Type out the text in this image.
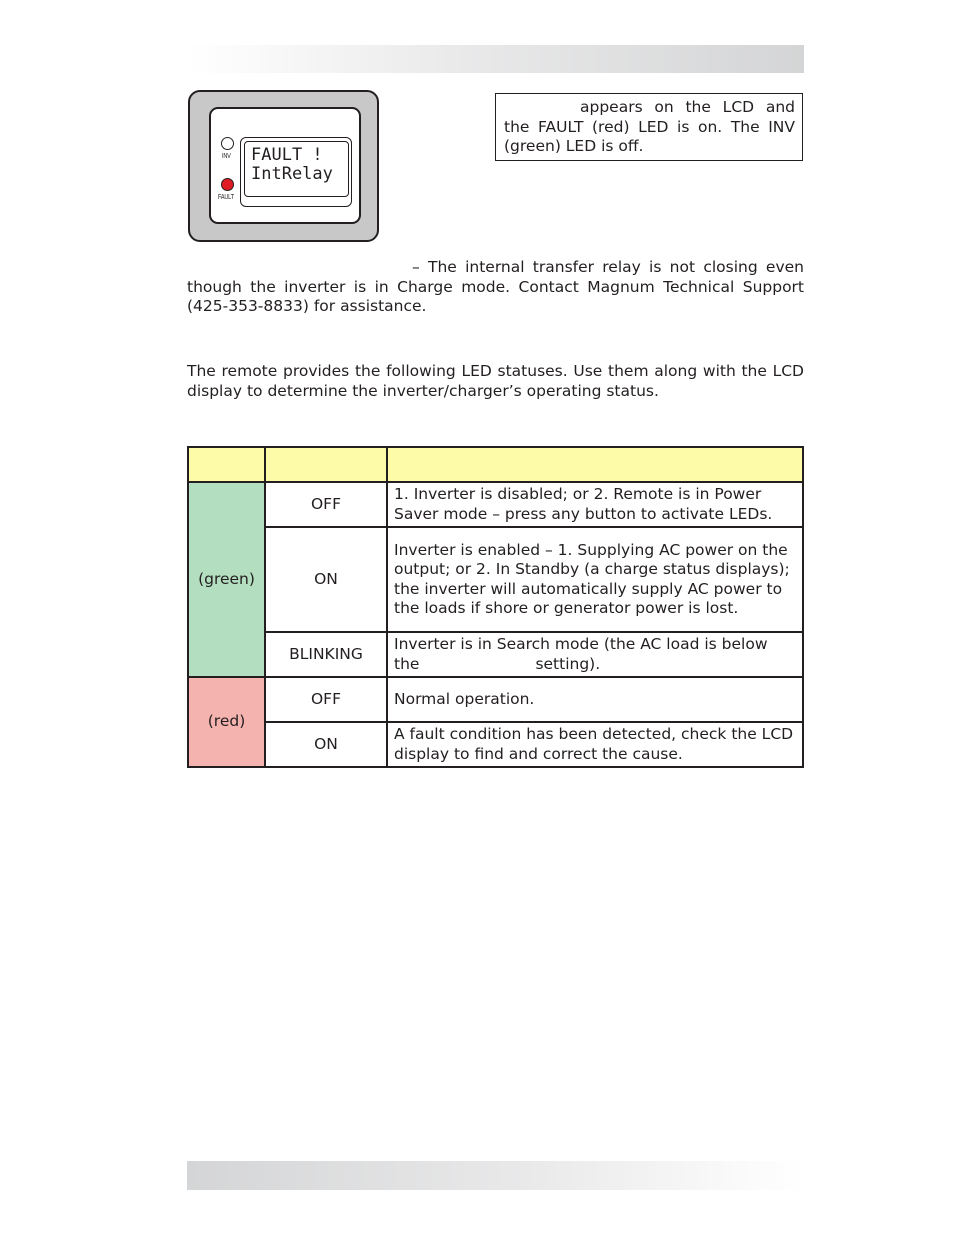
INV
FAULT
FAULT !
IntRelay
appears on the LCD and the FAULT (red) LED is on. The INV (green) LED is off.
– The internal transfer relay is not closing even though the inverter is in Charge mode. Contact Magnum Technical Support (425-353-8833) for assistance.
The remote provides the following LED statuses. Use them along with the LCD display to determine the inverter/charger’s operating status.

(green)	OFF	1. Inverter is disabled; or 2. Remote is in Power Saver mode – press any button to activate LEDs.
	ON	Inverter is enabled – 1. Supplying AC power on the output; or 2. In Standby (a charge status displays); the inverter will automatically supply AC power to the loads if shore or generator power is lost.
	BLINKING	Inverter is in Search mode (the AC load is below the setting).
(red)	OFF	Normal operation.
	ON	A fault condition has been detected, check the LCD display to find and correct the cause.
